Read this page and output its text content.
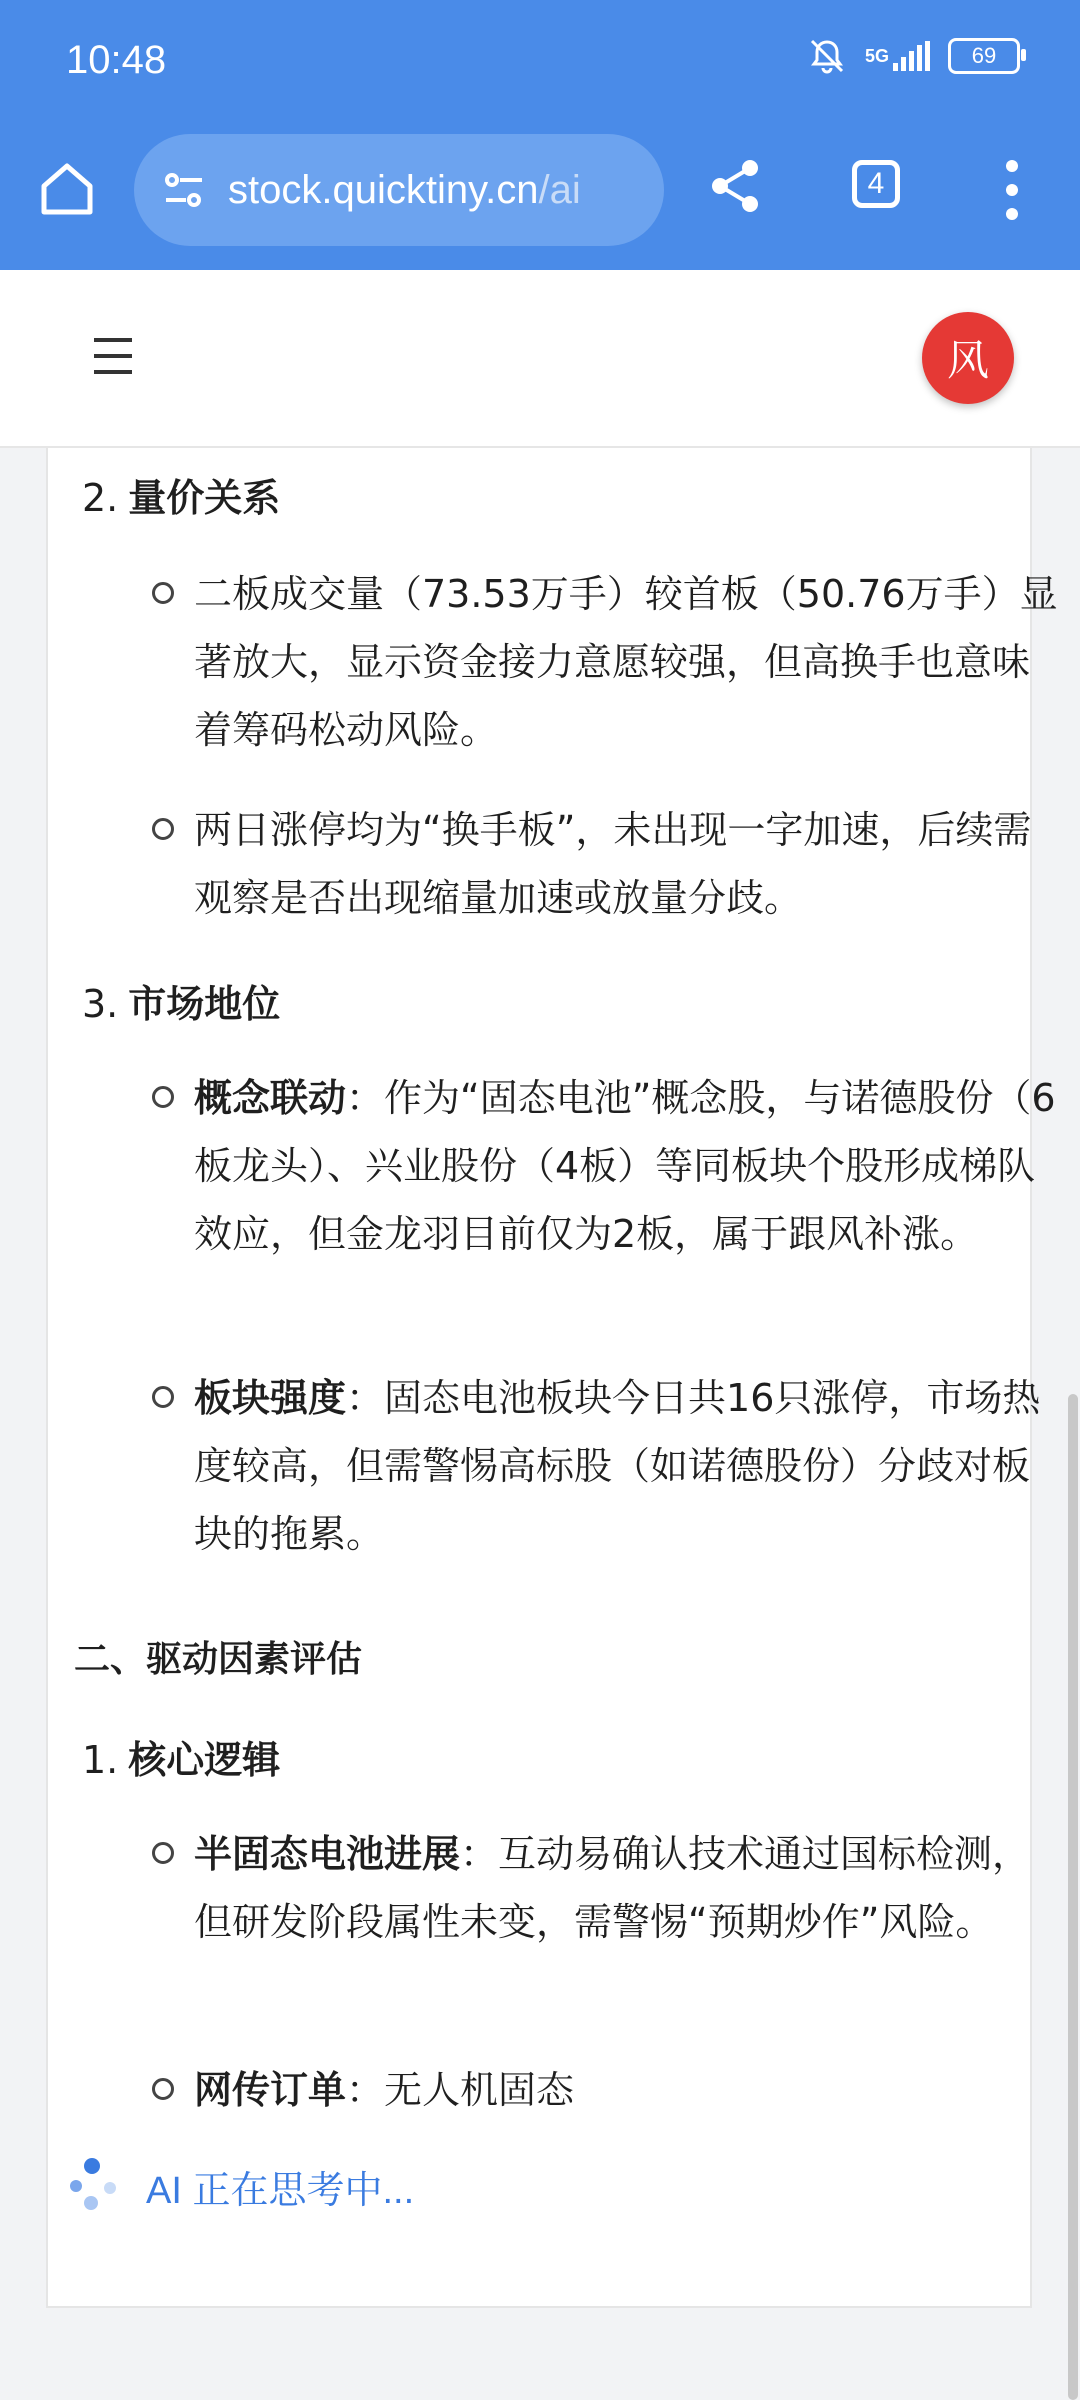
10:48	5G	69
stock.quicktiny.cn/ai	4
风
2. 量价关系
二板成交量（73.53万手）较首板（50.76万手）显著放大，显示资金接力意愿较强，但高换手也意味着筹码松动风险。
两日涨停均为“换手板”，未出现一字加速，后续需观察是否出现缩量加速或放量分歧。
3. 市场地位
概念联动：作为“固态电池”概念股，与诺德股份（6板龙头）、兴业股份（4板）等同板块个股形成梯队效应，但金龙羽目前仅为2板，属于跟风补涨。
板块强度：固态电池板块今日共16只涨停，市场热度较高，但需警惕高标股（如诺德股份）分歧对板块的拖累。
二、驱动因素评估
1. 核心逻辑
半固态电池进展：互动易确认技术通过国标检测，但研发阶段属性未变，需警惕“预期炒作”风险。
网传订单：无人机固态
AI 正在思考中...
